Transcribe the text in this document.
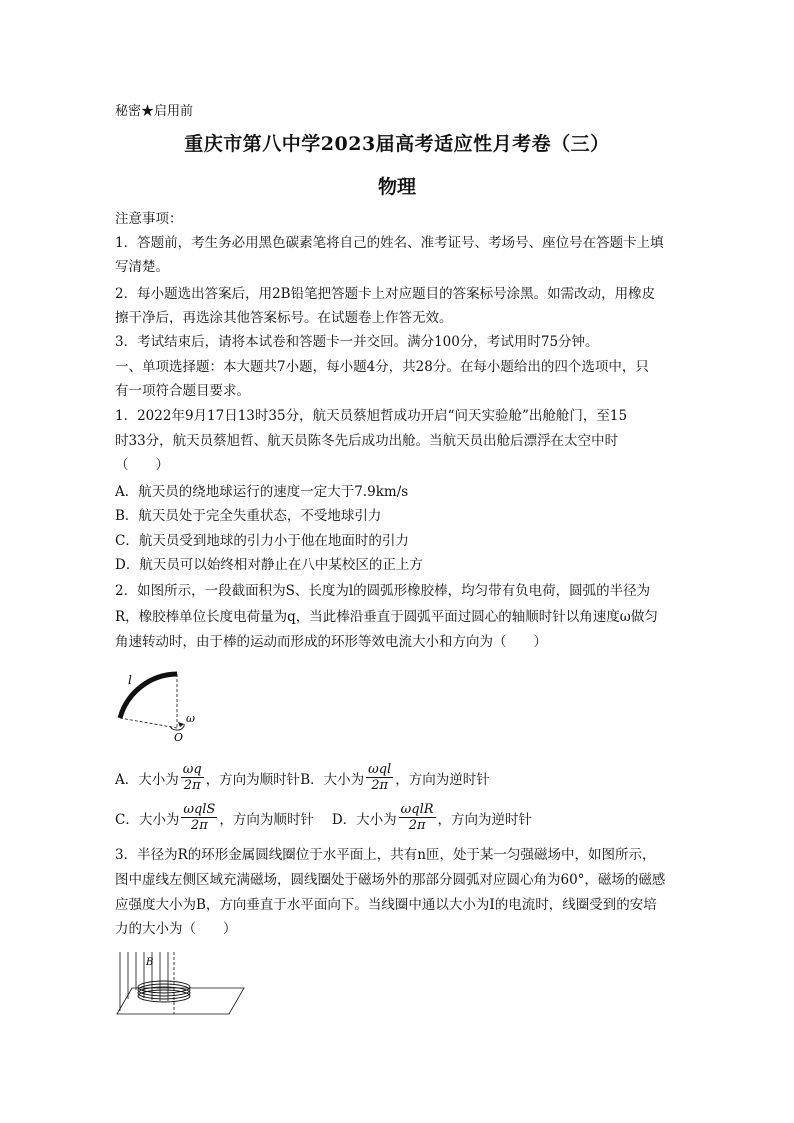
秘密★启用前
重庆市第八中学2023届高考适应性月考卷（三）
物理
注意事项：
1．答题前，考生务必用黑色碳素笔将自己的姓名、准考证号、考场号、座位号在答题卡上填
写清楚。
2．每小题选出答案后，用2B铅笔把答题卡上对应题目的答案标号涂黑。如需改动，用橡皮
擦干净后，再选涂其他答案标号。在试题卷上作答无效。
3．考试结束后，请将本试卷和答题卡一并交回。满分100分，考试用时75分钟。
一、单项选择题：本大题共7小题，每小题4分，共28分。在每小题给出的四个选项中，只
有一项符合题目要求。
1．2022年9月17日13时35分，航天员蔡旭哲成功开启“问天实验舱”出舱舱门，至15
时33分，航天员蔡旭哲、航天员陈冬先后成功出舱。当航天员出舱后漂浮在太空中时
（　　）
A．航天员的绕地球运行的速度一定大于7.9km/s
B．航天员处于完全失重状态，不受地球引力
C．航天员受到地球的引力小于他在地面时的引力
D．航天员可以始终相对静止在八中某校区的正上方
2．如图所示，一段截面积为S、长度为l的圆弧形橡胶棒，均匀带有负电荷，圆弧的半径为
R，橡胶棒单位长度电荷量为q，当此棒沿垂直于圆弧平面过圆心的轴顺时针以角速度ω做匀
角速转动时，由于棒的运动而形成的环形等效电流大小和方向为（　　）
l
ω
O
A．大小为 $\frac{\omega q}{2\pi}$ ，方向为顺时针 B．大小为 $\frac{\text{ωql}}{2\pi}$ ，方向为逆时针
C．大小为 $\frac{\text{ωqlS}}{2\pi}$ ，方向为顺时针 D．大小为 $\frac{\text{ωqlR}}{2\pi}$ ，方向为逆时针
3．半径为R的环形金属圆线圈位于水平面上，共有n匝，处于某一匀强磁场中，如图所示，
图中虚线左侧区域充满磁场，圆线圈处于磁场外的那部分圆弧对应圆心角为60°，磁场的磁感
应强度大小为B，方向垂直于水平面向下。当线圈中通以大小为I的电流时，线圈受到的安培
力的大小为（　　）
B
